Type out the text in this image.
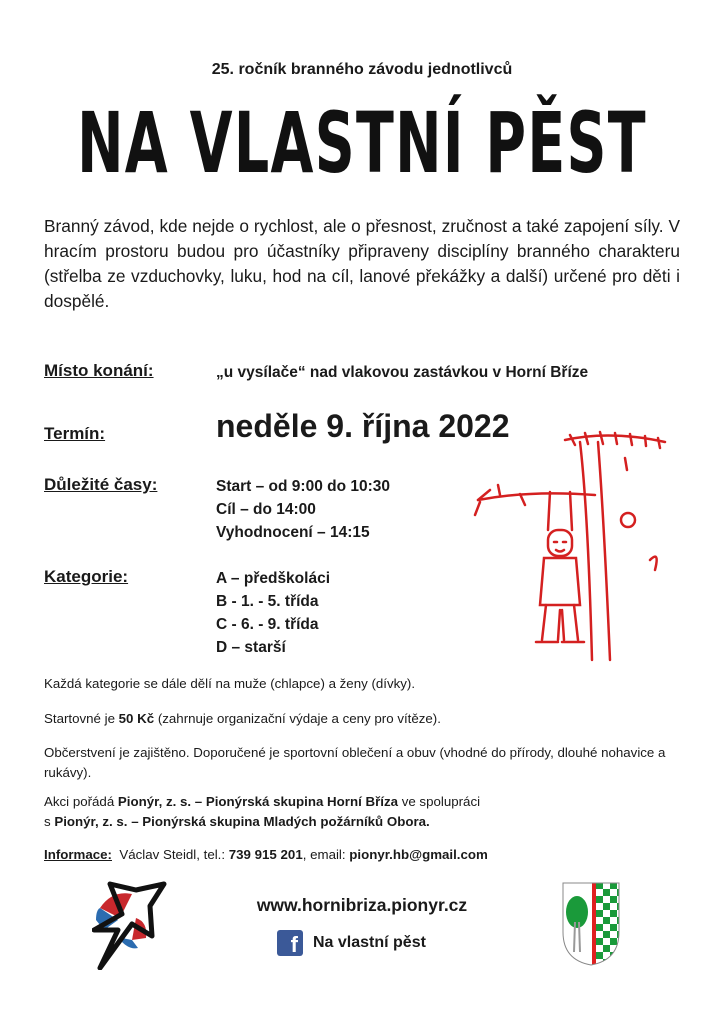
25. ročník branného závodu jednotlivců
NA VLASTNÍ PĚST
Branný závod, kde nejde o rychlost, ale o přesnost, zručnost a také zapojení síly. V hracím prostoru budou pro účastníky připraveny disciplíny branného charakteru (střelba ze vzduchovky, luku, hod na cíl, lanové překážky a další) určené pro děti i dospělé.
Místo konání:	„u vysílače“ nad vlakovou zastávkou v Horní Bříze
Termín:	neděle 9. října 2022
Důležité časy:	Start – od 9:00 do 10:30
Cíl – do 14:00
Vyhodnocení – 14:15
Kategorie:	A – předškoláci
B - 1. - 5. třída
C - 6. - 9. třída
D – starší
Každá kategorie se dále dělí na muže (chlapce) a ženy (dívky).
Startovné je 50 Kč (zahrnuje organizační výdaje a ceny pro vítěze).
Občerstvení je zajištěno. Doporučené je sportovní oblečení a obuv (vhodné do přírody, dlouhé nohavice a rukávy).
Akci pořádá Pionýr, z. s. – Pionýrská skupina Horní Bříza ve spolupráci
s Pionýr, z. s. – Pionýrská skupina Mladých požárníků Obora.
Informace: Václav Steidl, tel.: 739 915 201, email: pionyr.hb@gmail.com
www.hornibriza.pionyr.cz
f Na vlastní pěst
